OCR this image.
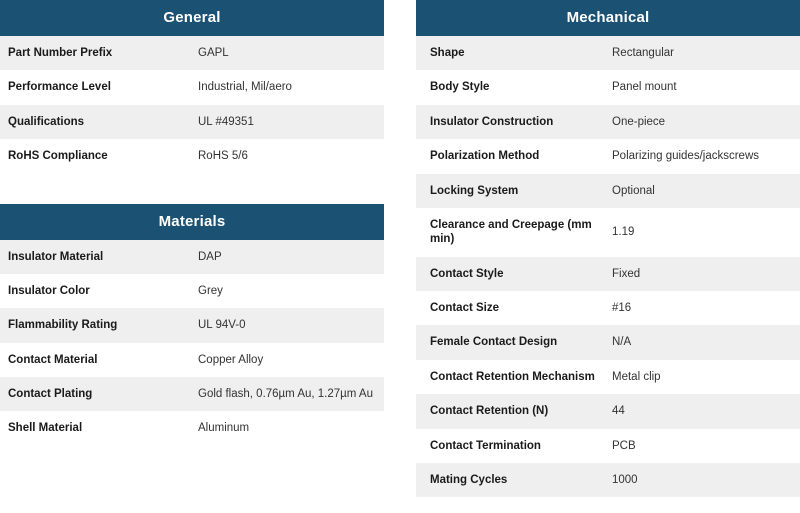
General	
Part Number Prefix	GAPL
Performance Level	Industrial, Mil/aero
Qualifications	UL #49351
RoHS Compliance	RoHS 5/6
Materials	
Insulator Material	DAP
Insulator Color	Grey
Flammability Rating	UL 94V-0
Contact Material	Copper Alloy
Contact Plating	Gold flash, 0.76µm Au, 1.27µm Au
Shell Material	Aluminum
Mechanical	
Shape	Rectangular
Body Style	Panel mount
Insulator Construction	One-piece
Polarization Method	Polarizing guides/jackscrews
Locking System	Optional
Clearance and Creepage (mm min)	1.19
Contact Style	Fixed
Contact Size	#16
Female Contact Design	N/A
Contact Retention Mechanism	Metal clip
Contact Retention (N)	44
Contact Termination	PCB
Mating Cycles	1000
